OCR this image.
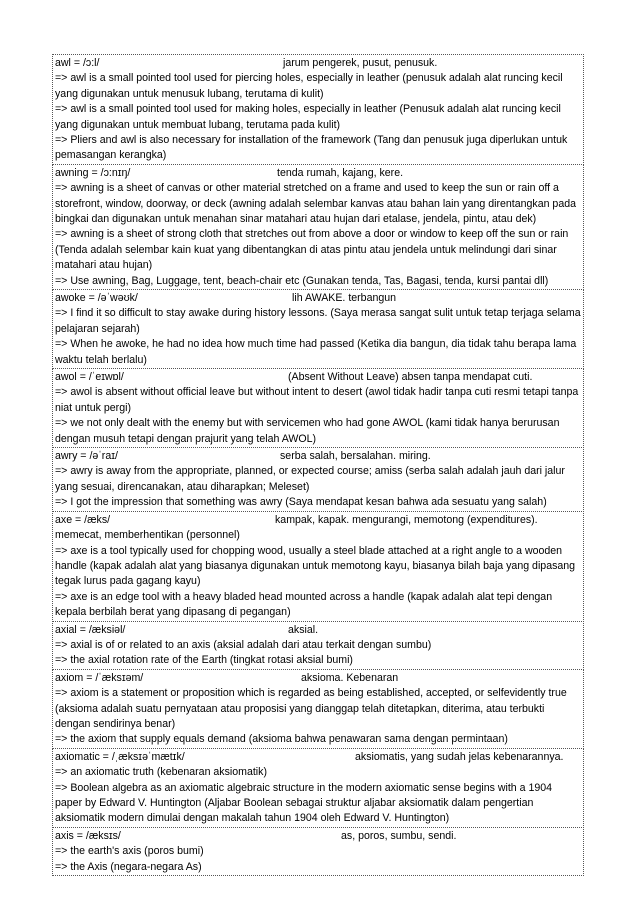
awl = /ɔ:l/	jarum pengerek, pusut, penusuk.
=> awl is a small pointed tool used for piercing holes, especially in leather (penusuk adalah alat runcing kecil yang digunakan untuk menusuk lubang, terutama di kulit)
=> awl is a small pointed tool used for making holes, especially in leather (Penusuk adalah alat runcing kecil yang digunakan untuk membuat lubang, terutama pada kulit)
=> Pliers and awl is also necessary for installation of the framework (Tang dan penusuk juga diperlukan untuk pemasangan kerangka)
awning = /ɔ:nɪŋ/	tenda rumah, kajang, kere.
=> awning is a sheet of canvas or other material stretched on a frame and used to keep the sun or rain off a storefront, window, doorway, or deck (awning adalah selembar kanvas atau bahan lain yang direntangkan pada bingkai dan digunakan untuk menahan sinar matahari atau hujan dari etalase, jendela, pintu, atau dek)
=> awning is a sheet of strong cloth that stretches out from above a door or window to keep off the sun or rain (Tenda adalah selembar kain kuat yang dibentangkan di atas pintu atau jendela untuk melindungi dari sinar matahari atau hujan)
=> Use awning, Bag, Luggage, tent, beach-chair etc (Gunakan tenda, Tas, Bagasi, tenda, kursi pantai dll)
awoke = /əˈwəʊk/	lih AWAKE. terbangun
=> I find it so difficult to stay awake during history lessons. (Saya merasa sangat sulit untuk tetap terjaga selama pelajaran sejarah)
=> When he awoke, he had no idea how much time had passed (Ketika dia bangun, dia tidak tahu berapa lama
waktu telah berlalu)
awol = /ˈeɪwɒl/	(Absent Without Leave) absen tanpa mendapat cuti.
=> awol is absent without official leave but without intent to desert (awol tidak hadir tanpa cuti resmi tetapi tanpa niat untuk pergi)
=> we not only dealt with the enemy but with servicemen who had gone AWOL (kami tidak hanya berurusan dengan musuh tetapi dengan prajurit yang telah AWOL)
awry = /əˈraɪ/	serba salah, bersalahan. miring.
=> awry is away from the appropriate, planned, or expected course; amiss (serba salah adalah jauh dari jalur yang sesuai, direncanakan, atau diharapkan; Meleset)
=> I got the impression that something was awry (Saya mendapat kesan bahwa ada sesuatu yang salah)
axe = /æks/	kampak, kapak. mengurangi, memotong (expenditures).
memecat, memberhentikan (personnel)
=> axe is a tool typically used for chopping wood, usually a steel blade attached at a right angle to a wooden handle (kapak adalah alat yang biasanya digunakan untuk memotong kayu, biasanya bilah baja yang dipasang tegak lurus pada gagang kayu)
=> axe is an edge tool with a heavy bladed head mounted across a handle (kapak adalah alat tepi dengan kepala berbilah berat yang dipasang di pegangan)
axial = /æksiəl/	aksial.
=> axial is of or related to an axis (aksial adalah dari atau terkait dengan sumbu)
=> the axial rotation rate of the Earth (tingkat rotasi aksial bumi)
axiom = /ˈæksɪəm/	aksioma. Kebenaran
=> axiom is a statement or proposition which is regarded as being established, accepted, or selfevidently true (aksioma adalah suatu pernyataan atau proposisi yang dianggap telah ditetapkan, diterima, atau terbukti dengan sendirinya benar)
=> the axiom that supply equals demand (aksioma bahwa penawaran sama dengan permintaan)
axiomatic = /ˌæksɪəˈmætɪk/	aksiomatis, yang sudah jelas kebenarannya.
=> an axiomatic truth (kebenaran aksiomatik)
=> Boolean algebra as an axiomatic algebraic structure in the modern axiomatic sense begins with a 1904 paper by Edward V. Huntington (Aljabar Boolean sebagai struktur aljabar aksiomatik dalam pengertian aksiomatik modern dimulai dengan makalah tahun 1904 oleh Edward V. Huntington)
axis = /æksɪs/	as, poros, sumbu, sendi.
=> the earth's axis (poros bumi)
=> the Axis (negara-negara As)
